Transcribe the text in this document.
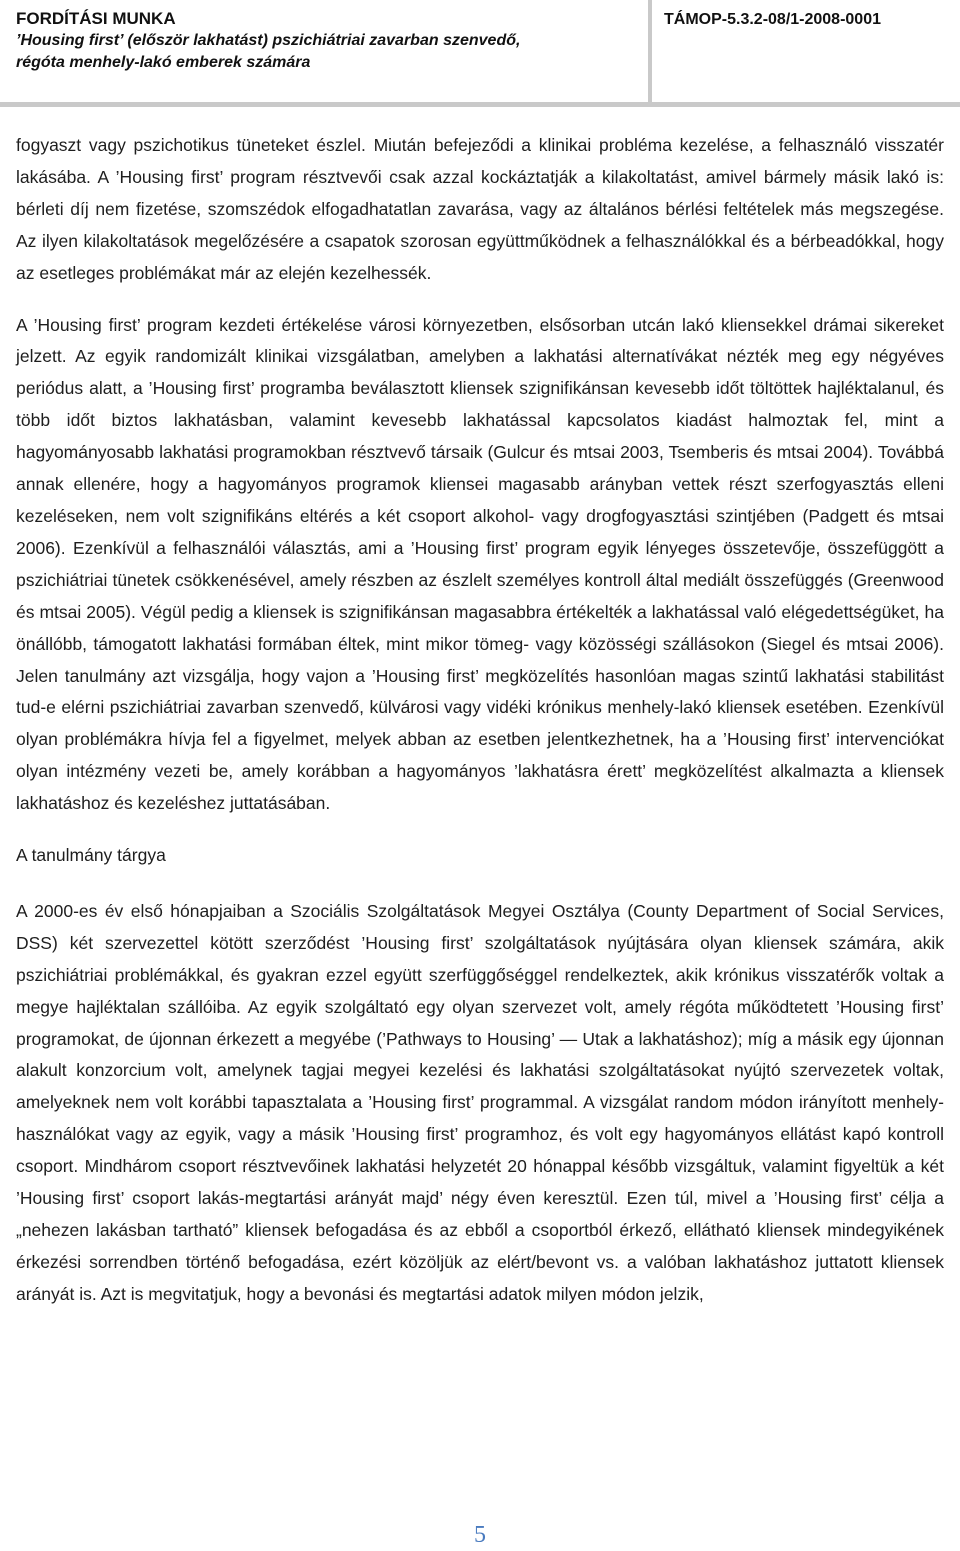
FORDÍTÁSI MUNKA
’Housing first’ (először lakhatást) pszichiátriai zavarban szenvedő,
régóta menhely-lakó emberek számára
TÁMOP-5.3.2-08/1-2008-0001

fogyaszt vagy pszichotikus tüneteket észlel. Miután befejeződi a klinikai probléma kezelése, a felhasználó visszatér lakásába. A ’Housing first’ program résztvevői csak azzal kockáztatják a kilakoltatást, amivel bármely másik lakó is: bérleti díj nem fizetése, szomszédok elfogadhatatlan zavarása, vagy az általános bérlési feltételek más megszegése. Az ilyen kilakoltatások megelőzésére a csapatok szorosan együttműködnek a felhasználókkal és a bérbeadókkal, hogy az esetleges problémákat már az elején kezelhessék.

A ’Housing first’ program kezdeti értékelése városi környezetben, elsősorban utcán lakó kliensekkel drámai sikereket jelzett. Az egyik randomizált klinikai vizsgálatban, amelyben a lakhatási alternatívákat nézték meg egy négyéves periódus alatt, a ’Housing first’ programba beválasztott kliensek szignifikánsan kevesebb időt töltöttek hajléktalanul, és több időt biztos lakhatásban, valamint kevesebb lakhatással kapcsolatos kiadást halmoztak fel, mint a hagyományosabb lakhatási programokban résztvevő társaik (Gulcur és mtsai 2003, Tsemberis és mtsai 2004). Továbbá annak ellenére, hogy a hagyományos programok kliensei magasabb arányban vettek részt szerfogyasztás elleni kezeléseken, nem volt szignifikáns eltérés a két csoport alkohol- vagy drogfogyasztási szintjében (Padgett és mtsai 2006). Ezenkívül a felhasználói választás, ami a ’Housing first’ program egyik lényeges összetevője, összefüggött a pszichiátriai tünetek csökkenésével, amely részben az észlelt személyes kontroll által mediált összefüggés (Greenwood és mtsai 2005). Végül pedig a kliensek is szignifikánsan magasabbra értékelték a lakhatással való elégedettségüket, ha önállóbb, támogatott lakhatási formában éltek, mint mikor tömeg- vagy közösségi szállásokon (Siegel és mtsai 2006). Jelen tanulmány azt vizsgálja, hogy vajon a ’Housing first’ megközelítés hasonlóan magas szintű lakhatási stabilitást tud-e elérni pszichiátriai zavarban szenvedő, külvárosi vagy vidéki krónikus menhely-lakó kliensek esetében. Ezenkívül olyan problémákra hívja fel a figyelmet, melyek abban az esetben jelentkezhetnek, ha a ’Housing first’ intervenciókat olyan intézmény vezeti be, amely korábban a hagyományos ’lakhatásra érett’ megközelítést alkalmazta a kliensek lakhatáshoz és kezeléshez juttatásában.

A tanulmány tárgya

A 2000-es év első hónapjaiban a Szociális Szolgáltatások Megyei Osztálya (County Department of Social Services, DSS) két szervezettel kötött szerződést ’Housing first’ szolgáltatások nyújtására olyan kliensek számára, akik pszichiátriai problémákkal, és gyakran ezzel együtt szerfüggőséggel rendelkeztek, akik krónikus visszatérők voltak a megye hajléktalan szállóiba. Az egyik szolgáltató egy olyan szervezet volt, amely régóta működtetett ’Housing first’ programokat, de újonnan érkezett a megyébe (’Pathways to Housing’ — Utak a lakhatáshoz); míg a másik egy újonnan alakult konzorcium volt, amelynek tagjai megyei kezelési és lakhatási szolgáltatásokat nyújtó szervezetek voltak, amelyeknek nem volt korábbi tapasztalata a ’Housing first’ programmal. A vizsgálat random módon irányított menhely-használókat vagy az egyik, vagy a másik ’Housing first’ programhoz, és volt egy hagyományos ellátást kapó kontroll csoport. Mindhárom csoport résztvevőinek lakhatási helyzetét 20 hónappal később vizsgáltuk, valamint figyeltük a két ’Housing first’ csoport lakás-megtartási arányát majd’ négy éven keresztül. Ezen túl, mivel a ’Housing first’ célja a „nehezen lakásban tartható” kliensek befogadása és az ebből a csoportból érkező, ellátható kliensek mindegyikének érkezési sorrendben történő befogadása, ezért közöljük az elért/bevont vs. a valóban lakhatáshoz juttatott kliensek arányát is. Azt is megvitatjuk, hogy a bevonási és megtartási adatok milyen módon jelzik,

5
